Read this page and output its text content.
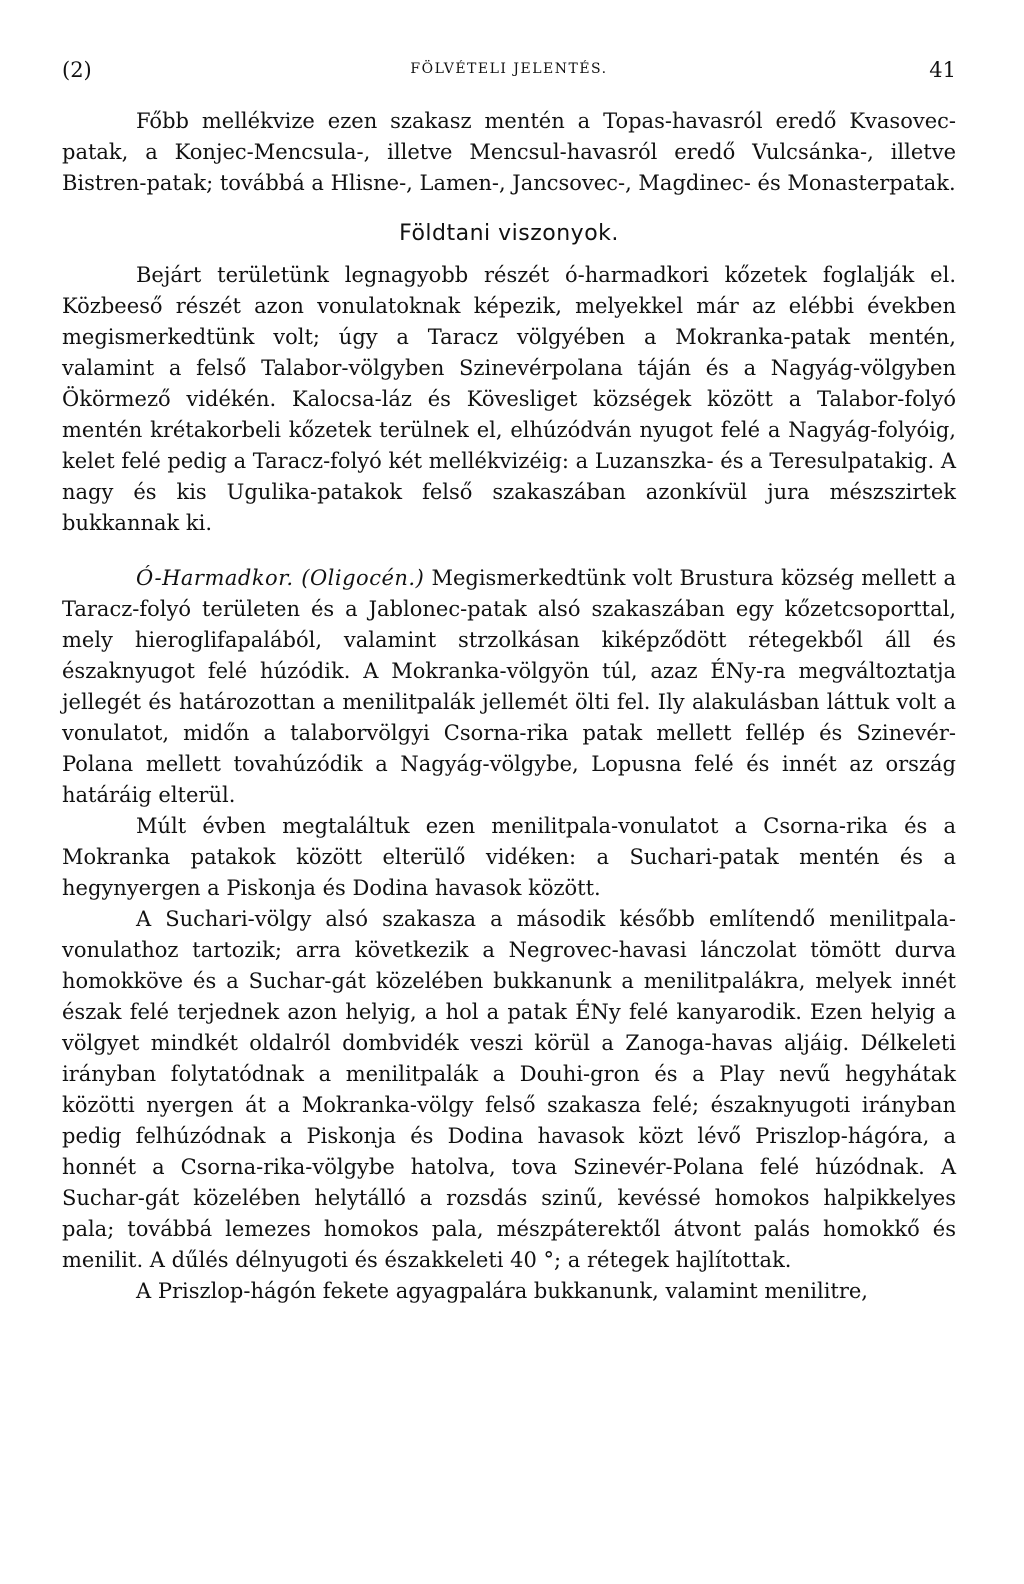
(2)	FÖLVÉTELI JELENTÉS.	41

Főbb mellékvize ezen szakasz mentén a Topas-havasról eredő Kvasovec-patak, a Konjec-Mencsula-, illetve Mencsul-havasról eredő Vulcsánka-, illetve Bistren-patak; továbbá a Hlisne-, Lamen-, Jancsovec-, Magdinec- és Monasterpatak.

Földtani viszonyok.

Bejárt területünk legnagyobb részét ó-harmadkori kőzetek foglalják el. Közbeeső részét azon vonulatoknak képezik, melyekkel már az elébbi években megismerkedtünk volt; úgy a Taracz völgyében a Mokranka-patak mentén, valamint a felső Talabor-völgyben Szinevérpolana táján és a Nagyág-völgyben Ökörmező vidékén. Kalocsa-láz és Kövesliget községek között a Talabor-folyó mentén krétakorbeli kőzetek terülnek el, elhúzódván nyugot felé a Nagyág-folyóig, kelet felé pedig a Taracz-folyó két mellékvizéig: a Luzanszka- és a Teresulpatakig. A nagy és kis Ugulika-patakok felső szakaszában azonkívül jura mészszirtek bukkannak ki.

Ó-Harmadkor. (Oligocén.) Megismerkedtünk volt Brustura község mellett a Taracz-folyó területen és a Jablonec-patak alsó szakaszában egy kőzetcsoporttal, mely hieroglifapalából, valamint strzolkásan kiképződött rétegekből áll és északnyugot felé húzódik. A Mokranka-völgyön túl, azaz ÉNy-ra megváltoztatja jellegét és határozottan a menilitpalák jellemét ölti fel. Ily alakulásban láttuk volt a vonulatot, midőn a talaborvölgyi Csorna-rika patak mellett fellép és Szinevér-Polana mellett tovahúzódik a Nagyág-völgybe, Lopusna felé és innét az ország határáig elterül.

Múlt évben megtaláltuk ezen menilitpala-vonulatot a Csorna-rika és a Mokranka patakok között elterülő vidéken: a Suchari-patak mentén és a hegynyergen a Piskonja és Dodina havasok között.

A Suchari-völgy alsó szakasza a második később említendő menilitpala-vonulathoz tartozik; arra következik a Negrovec-havasi lánczolat tömött durva homokköve és a Suchar-gát közelében bukkanunk a menilitpalákra, melyek innét észak felé terjednek azon helyig, a hol a patak ÉNy felé kanyarodik. Ezen helyig a völgyet mindkét oldalról dombvidék veszi körül a Zanoga-havas aljáig. Délkeleti irányban folytatódnak a menilitpalák a Douhi-gron és a Play nevű hegyhátak közötti nyergen át a Mokranka-völgy felső szakasza felé; északnyugoti irányban pedig felhúzódnak a Piskonja és Dodina havasok közt lévő Priszlop-hágóra, a honnét a Csorna-rika-völgybe hatolva, tova Szinevér-Polana felé húzódnak. A Suchar-gát közelében helytálló a rozsdás szinű, kevéssé homokos halpikkelyes pala; továbbá lemezes homokos pala, mészpáterektől átvont palás homokkő és menilit. A dűlés délnyugoti és északkeleti 40 °; a rétegek hajlítottak.

A Priszlop-hágón fekete agyagpalára bukkanunk, valamint menilitre,
